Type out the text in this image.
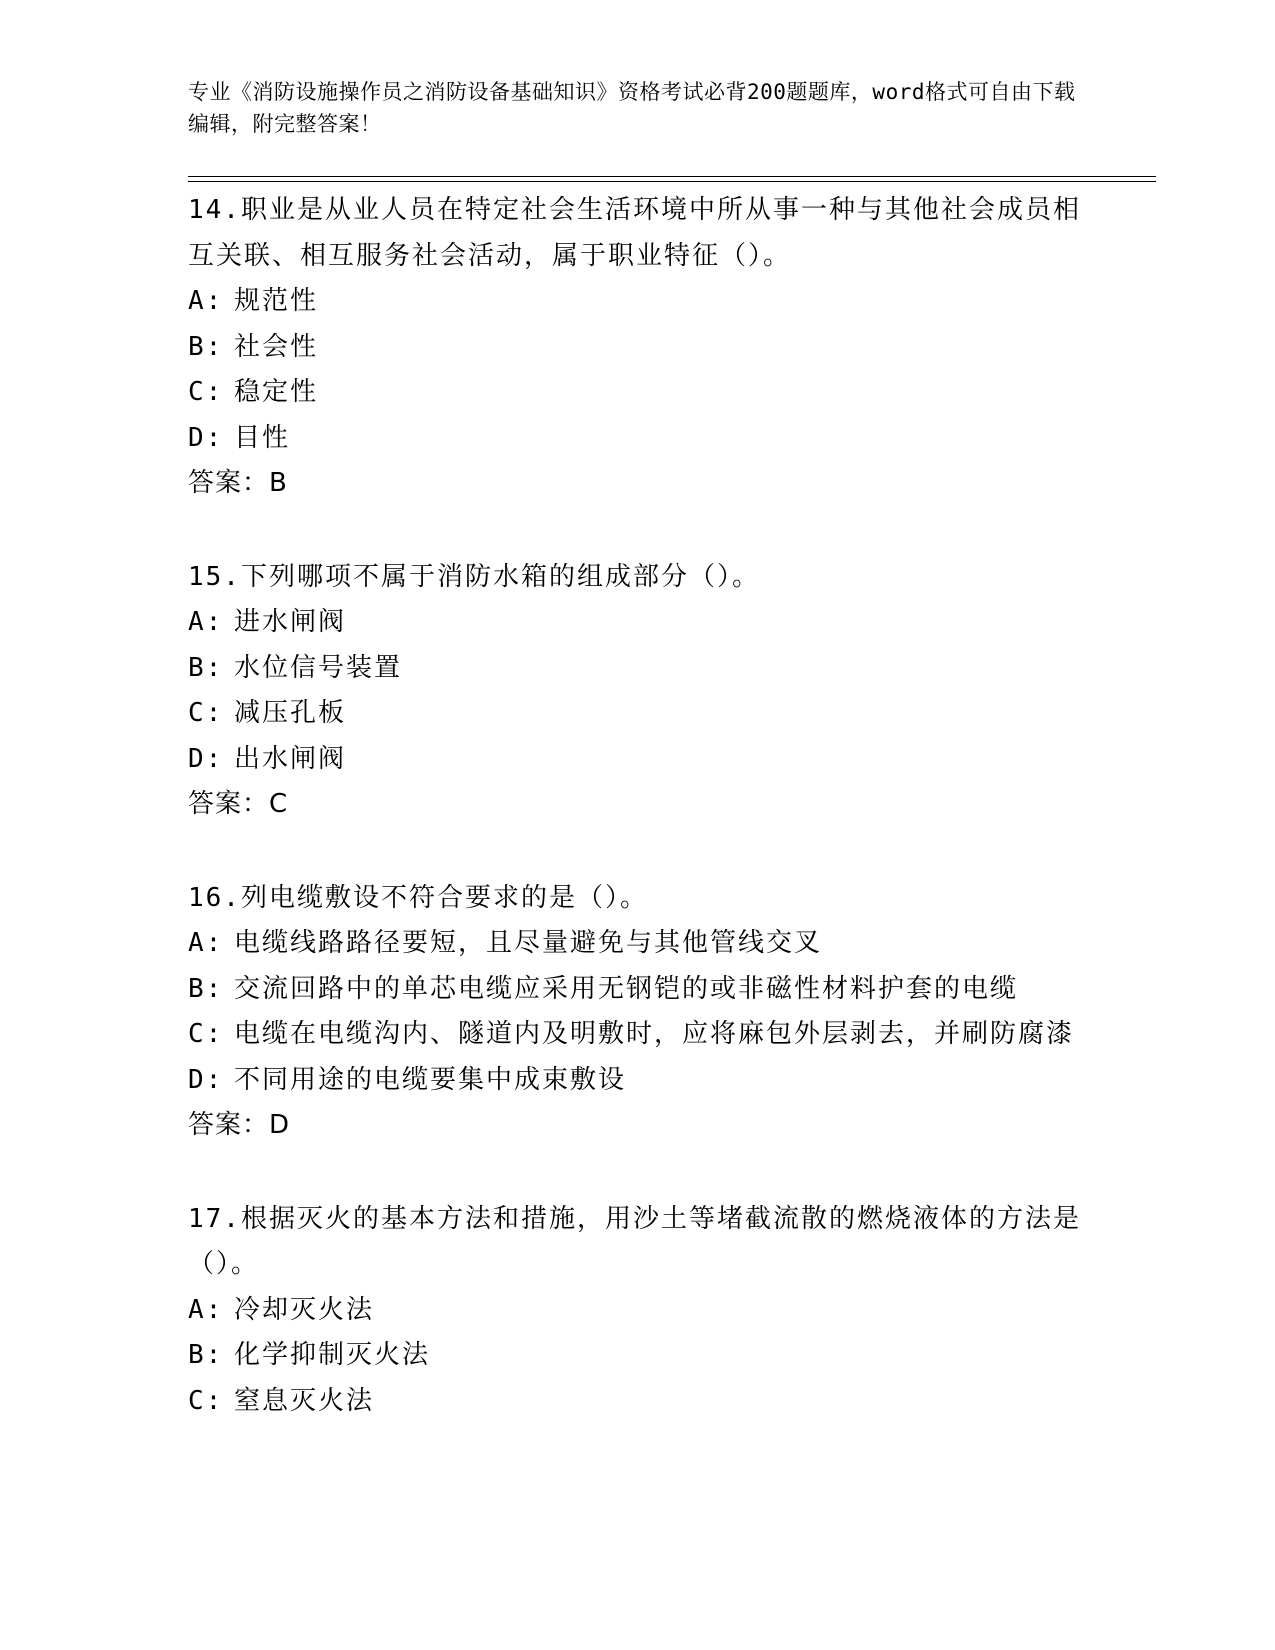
专业《消防设施操作员之消防设备基础知识》资格考试必背200题题库，word格式可自由下载编辑，附完整答案！
14.职业是从业人员在特定社会生活环境中所从事一种与其他社会成员相互关联、相互服务社会活动，属于职业特征（）。
A: 规范性
B: 社会性
C: 稳定性
D: 目性
答案：B
15.下列哪项不属于消防水箱的组成部分（）。
A: 进水闸阀
B: 水位信号装置
C: 减压孔板
D: 出水闸阀
答案：C
16.列电缆敷设不符合要求的是（）。
A: 电缆线路路径要短，且尽量避免与其他管线交叉
B: 交流回路中的单芯电缆应采用无钢铠的或非磁性材料护套的电缆
C: 电缆在电缆沟内、隧道内及明敷时，应将麻包外层剥去，并刷防腐漆
D: 不同用途的电缆要集中成束敷设
答案：D
17.根据灭火的基本方法和措施，用沙土等堵截流散的燃烧液体的方法是（）。
A: 冷却灭火法
B: 化学抑制灭火法
C: 窒息灭火法
